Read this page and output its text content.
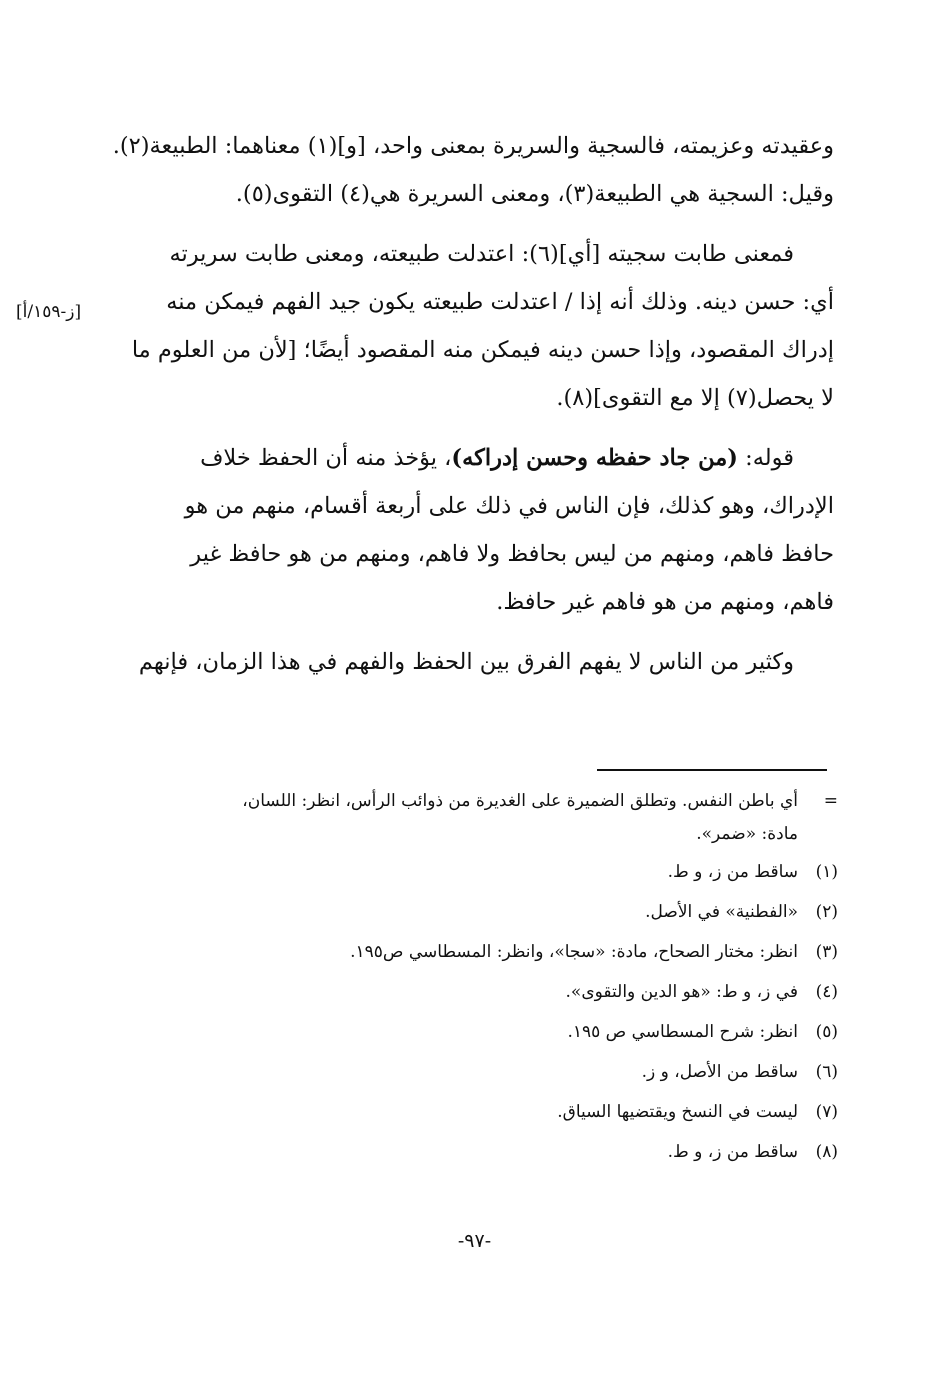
وعقيدته وعزيمته، فالسجية والسريرة بمعنى واحد، [و](١) معناهما: الطبيعة(٢).
وقيل: السجية هي الطبيعة(٣)، ومعنى السريرة هي(٤) التقوى(٥).

فمعنى طابت سجيته [أي](٦): اعتدلت طبيعته، ومعنى طابت سريرته
أي: حسن دينه. وذلك أنه إذا / اعتدلت طبيعته يكون جيد الفهم فيمكن منه
إدراك المقصود، وإذا حسن دينه فيمكن منه المقصود أيضًا؛ [لأن من العلوم ما
لا يحصل(٧) إلا مع التقوى](٨).

قوله: (من جاد حفظه وحسن إدراكه)، يؤخذ منه أن الحفظ خلاف
الإدراك، وهو كذلك، فإن الناس في ذلك على أربعة أقسام، منهم من هو
حافظ فاهم، ومنهم من ليس بحافظ ولا فاهم، ومنهم من هو حافظ غير
فاهم، ومنهم من هو فاهم غير حافظ.

وكثير من الناس لا يفهم الفرق بين الحفظ والفهم في هذا الزمان، فإنهم

[ز-١٥٩/أ]
=أي باطن النفس. وتطلق الضميرة على الغديرة من ذوائب الرأس، انظر: اللسان،
مادة: «ضمر».
(١)ساقط من ز، و ط.
(٢)«الفطنية» في الأصل.
(٣)انظر: مختار الصحاح، مادة: «سجا»، وانظر: المسطاسي ص١٩٥.
(٤)في ز، و ط: «هو الدين والتقوى».
(٥)انظر: شرح المسطاسي ص ١٩٥.
(٦)ساقط من الأصل، و ز.
(٧)ليست في النسخ ويقتضيها السياق.
(٨)ساقط من ز، و ط.
-٩٧-
